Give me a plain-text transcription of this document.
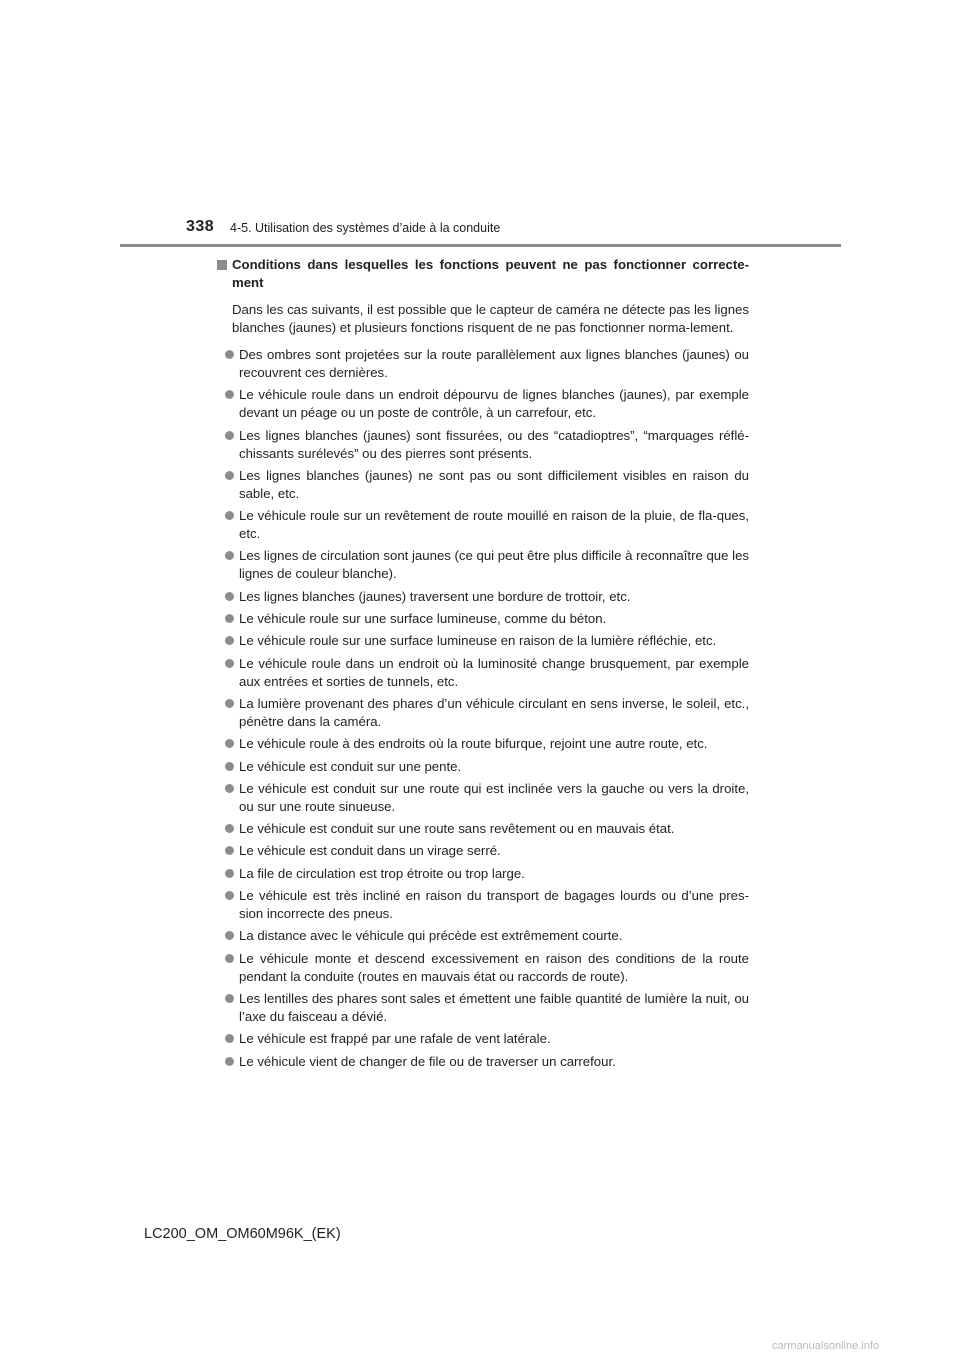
338 4-5. Utilisation des systèmes d’aide à la conduite
Conditions dans lesquelles les fonctions peuvent ne pas fonctionner correcte-ment

Dans les cas suivants, il est possible que le capteur de caméra ne détecte pas les lignes blanches (jaunes) et plusieurs fonctions risquent de ne pas fonctionner norma-lement.

Des ombres sont projetées sur la route parallèlement aux lignes blanches (jaunes) ou recouvrent ces dernières.
Le véhicule roule dans un endroit dépourvu de lignes blanches (jaunes), par exemple devant un péage ou un poste de contrôle, à un carrefour, etc.
Les lignes blanches (jaunes) sont fissurées, ou des “catadioptres”, “marquages réflé-chissants surélevés” ou des pierres sont présents.
Les lignes blanches (jaunes) ne sont pas ou sont difficilement visibles en raison du sable, etc.
Le véhicule roule sur un revêtement de route mouillé en raison de la pluie, de fla-ques, etc.
Les lignes de circulation sont jaunes (ce qui peut être plus difficile à reconnaître que les lignes de couleur blanche).
Les lignes blanches (jaunes) traversent une bordure de trottoir, etc.
Le véhicule roule sur une surface lumineuse, comme du béton.
Le véhicule roule sur une surface lumineuse en raison de la lumière réfléchie, etc.
Le véhicule roule dans un endroit où la luminosité change brusquement, par exemple aux entrées et sorties de tunnels, etc.
La lumière provenant des phares d’un véhicule circulant en sens inverse, le soleil, etc., pénètre dans la caméra.
Le véhicule roule à des endroits où la route bifurque, rejoint une autre route, etc.
Le véhicule est conduit sur une pente.
Le véhicule est conduit sur une route qui est inclinée vers la gauche ou vers la droite, ou sur une route sinueuse.
Le véhicule est conduit sur une route sans revêtement ou en mauvais état.
Le véhicule est conduit dans un virage serré.
La file de circulation est trop étroite ou trop large.
Le véhicule est très incliné en raison du transport de bagages lourds ou d’une pres-sion incorrecte des pneus.
La distance avec le véhicule qui précède est extrêmement courte.
Le véhicule monte et descend excessivement en raison des conditions de la route pendant la conduite (routes en mauvais état ou raccords de route).
Les lentilles des phares sont sales et émettent une faible quantité de lumière la nuit, ou l’axe du faisceau a dévié.
Le véhicule est frappé par une rafale de vent latérale.
Le véhicule vient de changer de file ou de traverser un carrefour.
LC200_OM_OM60M96K_(EK)
carmanualsonline.info
